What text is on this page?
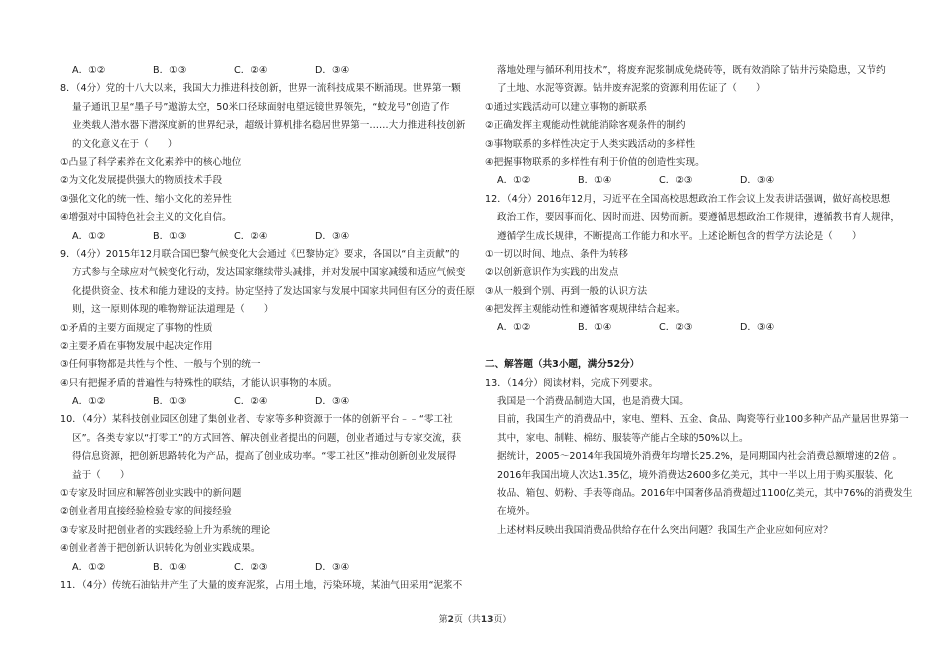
A．①②	B．①③	C．②④	D．③④
8．（4分）党的十八大以来，我国大力推进科技创新，世界一流科技成果不断涌现。世界第一颗
量子通讯卫星“墨子号”遨游太空，50米口径球面射电望远镜世界领先，“蛟龙号”创造了作
业类载人潜水器下潜深度新的世界纪录，超级计算机排名稳居世界第一……大力推进科技创新
的文化意义在于（　　）
①凸显了科学素养在文化素养中的核心地位
②为文化发展提供强大的物质技术手段
③强化文化的统一性、缩小文化的差异性
④增强对中国特色社会主义的文化自信。
A．①②	B．①③	C．②④	D．③④
9．（4分）2015年12月联合国巴黎气候变化大会通过《巴黎协定》要求，各国以“自主贡献”的
方式参与全球应对气候变化行动，发达国家继续带头减排，并对发展中国家减缓和适应气候变
化提供资金、技术和能力建设的支持。协定坚持了发达国家与发展中国家共同但有区分的责任原
则，这一原则体现的唯物辩证法道理是（　　）
①矛盾的主要方面规定了事物的性质
②主要矛盾在事物发展中起决定作用
③任何事物都是共性与个性、一般与个别的统一
④只有把握矛盾的普遍性与特殊性的联结，才能认识事物的本质。
A．①②	B．①③	C．②④	D．③④
10．（4分）某科技创业园区创建了集创业者、专家等多种资源于一体的创新平台﹣﹣“零工社
区”。各类专家以“打零工”的方式回答、解决创业者提出的问题，创业者通过与专家交流，获
得信息资源，把创新思路转化为产品，提高了创业成功率。“零工社区”推动创新创业发展得
益于（　　）
①专家及时回应和解答创业实践中的新问题
②创业者用直接经验检验专家的间接经验
③专家及时把创业者的实践经验上升为系统的理论
④创业者善于把创新认识转化为创业实践成果。
A．①②	B．①④	C．②③	D．③④
11．（4分）传统石油钻井产生了大量的废弃泥浆，占用土地，污染环境，某油气田采用“泥浆不
落地处理与循环利用技术”，将废弃泥浆制成免烧砖等，既有效消除了钻井污染隐患，又节约
了土地、水泥等资源。钻井废弃泥浆的资源利用佐证了（　　）
①通过实践活动可以建立事物的新联系
②正确发挥主观能动性就能消除客观条件的制约
③事物联系的多样性决定于人类实践活动的多样性
④把握事物联系的多样性有利于价值的创造性实现。
A．①②	B．①④	C．②③	D．③④
12．（4分）2016年12月，习近平在全国高校思想政治工作会议上发表讲话强调，做好高校思想
政治工作，要因事而化、因时而进、因势而新。要遵循思想政治工作规律，遵循教书育人规律，
遵循学生成长规律，不断提高工作能力和水平。上述论断包含的哲学方法论是（　　）
①一切以时间、地点、条件为转移
②以创新意识作为实践的出发点
③从一般到个别、再到一般的认识方法
④把发挥主观能动性和遵循客观规律结合起来。
A．①②	B．①④	C．②③	D．③④
二、解答题（共3小题，满分52分）
13．（14分）阅读材料，完成下列要求。
我国是一个消费品制造大国，也是消费大国。
目前，我国生产的消费品中，家电、塑料、五金、食品、陶瓷等行业100多种产品产量居世界第一
其中，家电、制鞋、棉纺、服装等产能占全球的50%以上。
据统计，2005～2014年我国境外消费年均增长25.2%，是同期国内社会消费总额增速的2倍 。
2016年我国出境人次达1.35亿，境外消费达2600多亿美元，其中一半以上用于购买服装、化
妆品、箱包、奶粉、手表等商品。2016年中国奢侈品消费超过1100亿美元，其中76%的消费发生
在境外。
上述材料反映出我国消费品供给存在什么突出问题？我国生产企业应如何应对？
第2页（共13页）
